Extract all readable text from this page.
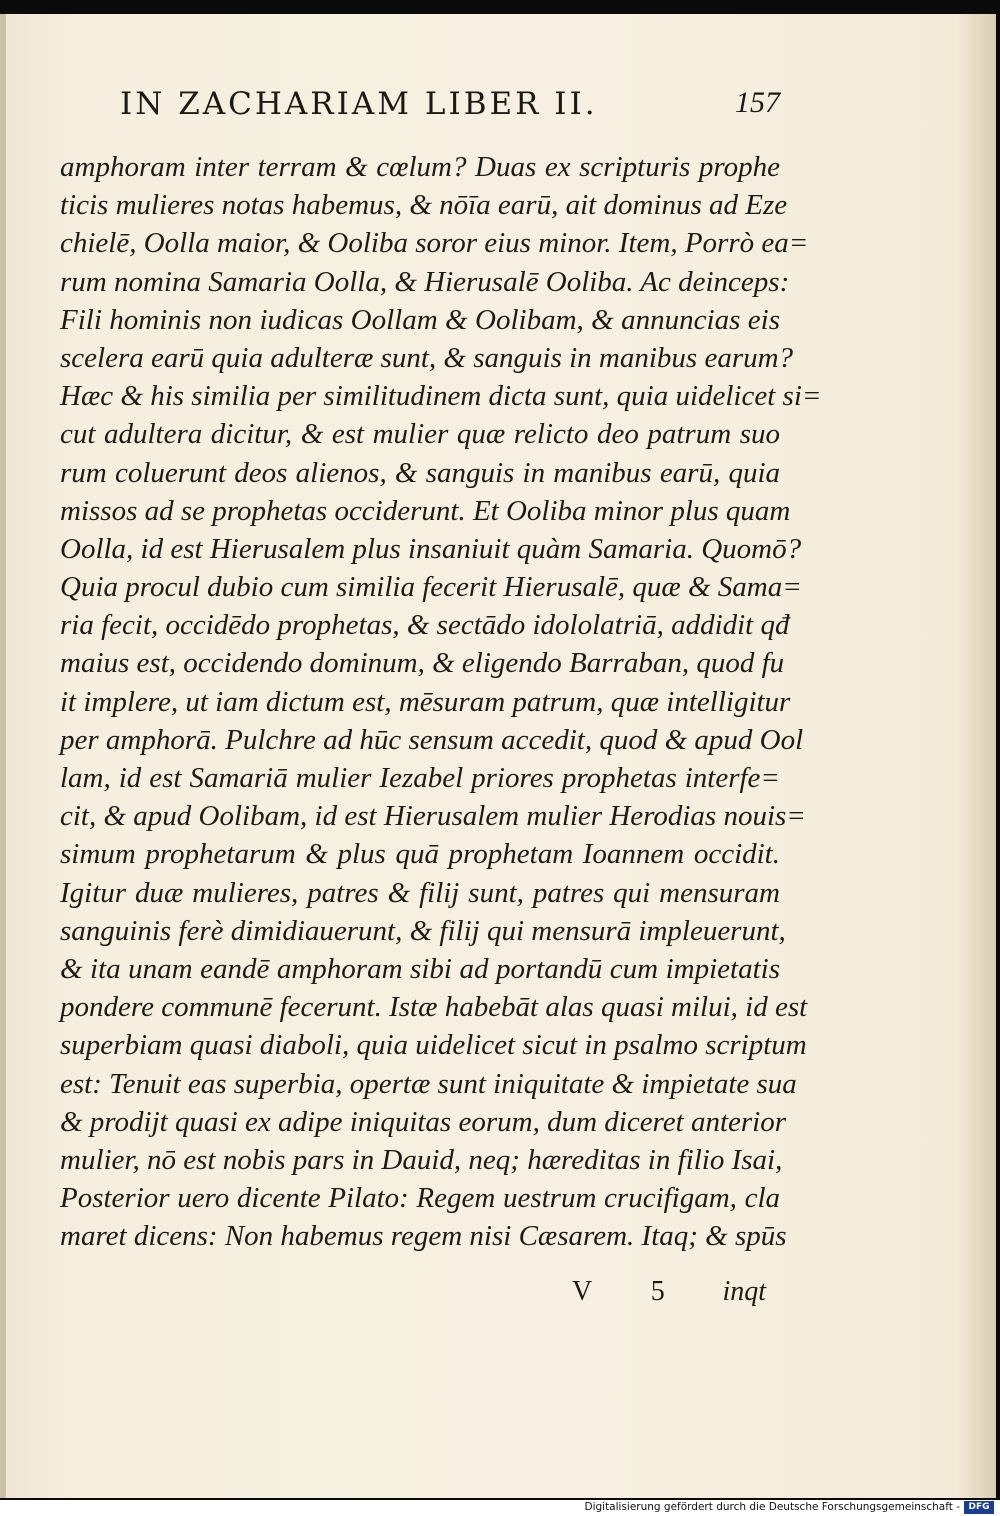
IN ZACHARIAM LIBER II.	157
amphoram inter terram & cœlum? Duas ex scripturis prophe
ticis mulieres notas habemus, & nōīa earū, ait dominus ad Eze
chielē, Oolla maior, & Ooliba soror eius minor. Item, Porrò ea=
rum nomina Samaria Oolla, & Hierusalē Ooliba. Ac deinceps:
Fili hominis non iudicas Oollam & Oolibam, & annuncias eis
scelera earū quia adulteræ sunt, & sanguis in manibus earum?
Hæc & his similia per similitudinem dicta sunt, quia uidelicet si=
cut adultera dicitur, & est mulier quæ relicto deo patrum suo
rum coluerunt deos alienos, & sanguis in manibus earū, quia
missos ad se prophetas occiderunt. Et Ooliba minor plus quam
Oolla, id est Hierusalem plus insaniuit quàm Samaria. Quomō?
Quia procul dubio cum similia fecerit Hierusalē, quæ & Sama=
ria fecit, occidēdo prophetas, & sectādo idololatriā, addidit qđ
maius est, occidendo dominum, & eligendo Barraban, quod fu
it implere, ut iam dictum est, mēsuram patrum, quæ intelligitur
per amphorā. Pulchre ad hūc sensum accedit, quod & apud Ool
lam, id est Samariā mulier Iezabel priores prophetas interfe=
cit, & apud Oolibam, id est Hierusalem mulier Herodias nouis=
simum prophetarum & plus quā prophetam Ioannem occidit.
Igitur duæ mulieres, patres & filij sunt, patres qui mensuram
sanguinis ferè dimidiauerunt, & filij qui mensurā impleuerunt,
& ita unam eandē amphoram sibi ad portandū cum impietatis
pondere communē fecerunt. Istæ habebāt alas quasi milui, id est
superbiam quasi diaboli, quia uidelicet sicut in psalmo scriptum
est: Tenuit eas superbia, opertæ sunt iniquitate & impietate sua
& prodijt quasi ex adipe iniquitas eorum, dum diceret anterior
mulier, nō est nobis pars in Dauid, neq; hæreditas in filio Isai,
Posterior uero dicente Pilato: Regem uestrum crucifigam, cla
maret dicens: Non habemus regem nisi Cæsarem. Itaq; & spūs
V 5 inqt
Digitalisierung gefördert durch die Deutsche Forschungsgemeinschaft - DFG
